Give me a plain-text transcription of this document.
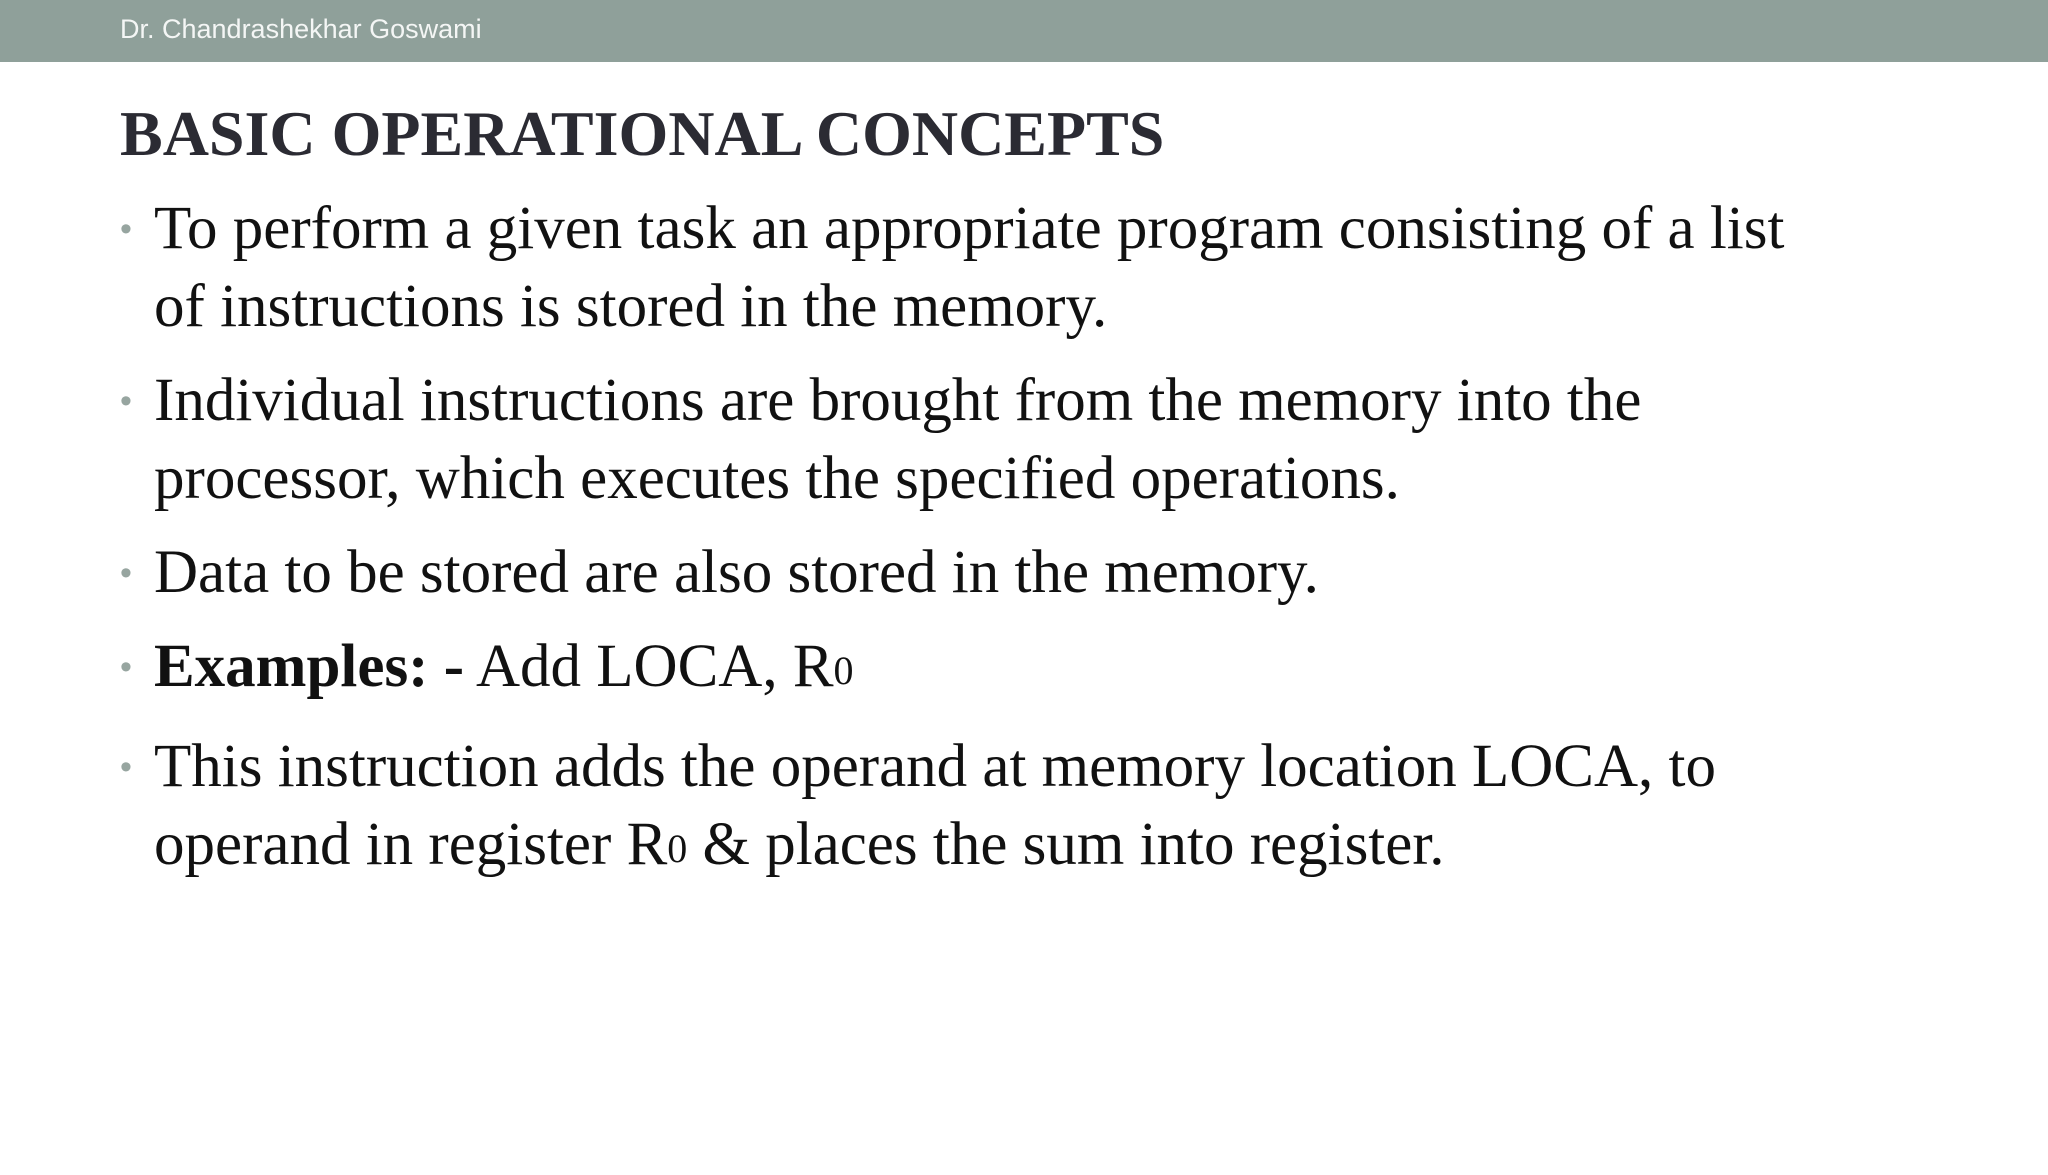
Dr. Chandrashekhar Goswami
BASIC OPERATIONAL CONCEPTS
• To perform a given task an appropriate program consisting of a list
of instructions is stored in the memory.
• Individual instructions are brought from the memory into the
processor, which executes the specified operations.
• Data to be stored are also stored in the memory.
• Examples: - Add LOCA, R0
• This instruction adds the operand at memory location LOCA, to
operand in register R0 & places the sum into register.
